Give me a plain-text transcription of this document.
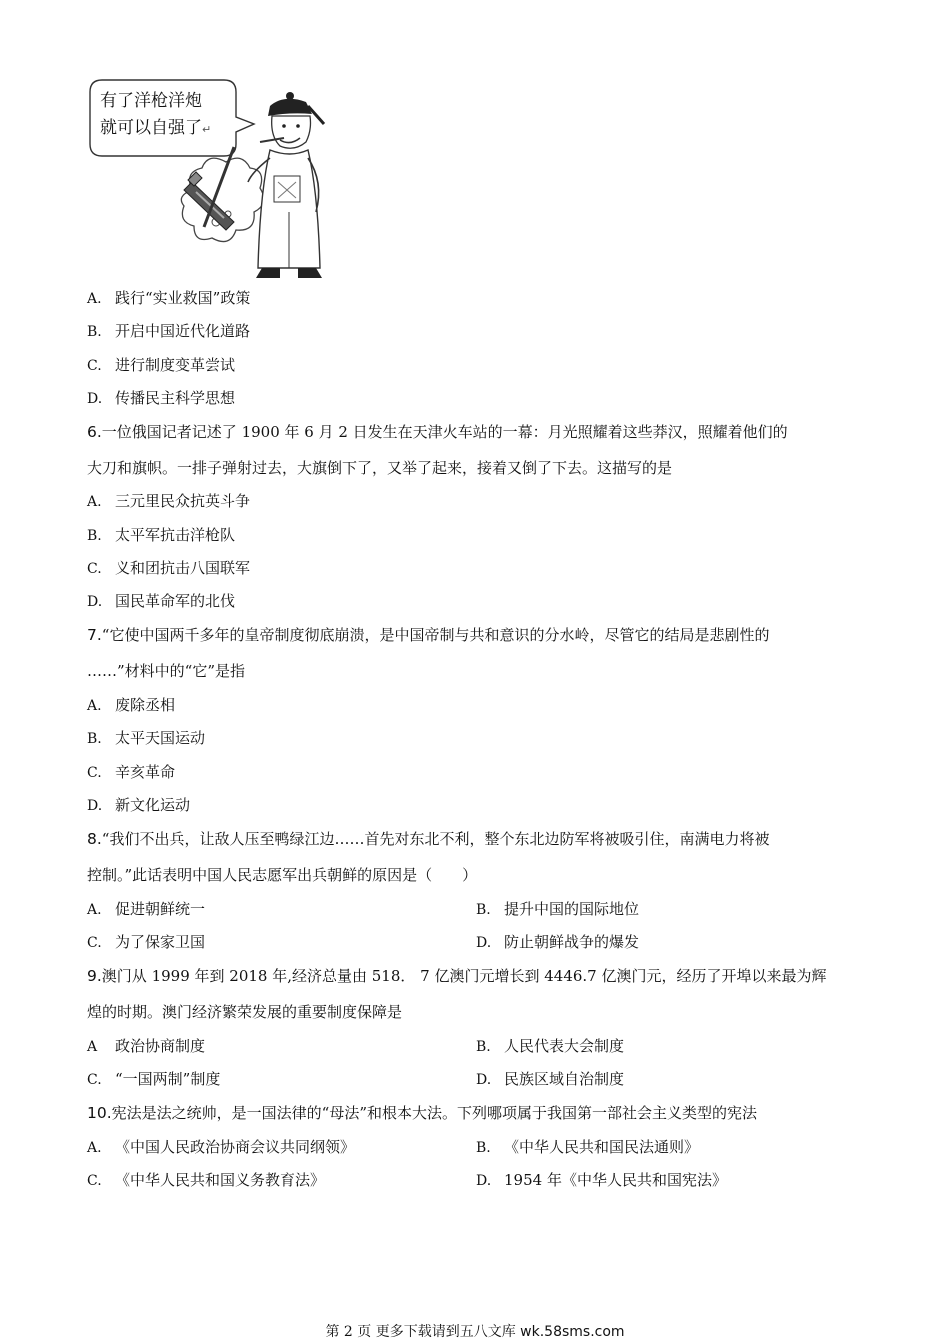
有了洋枪洋炮
就可以自强了↵
A. 践行“实业救国”政策
B. 开启中国近代化道路
C. 进行制度变革尝试
D. 传播民主科学思想
6.一位俄国记者记述了 1900 年 6 月 2 日发生在天津火车站的一幕：月光照耀着这些莽汉，照耀着他们的
大刀和旗帜。一排子弹射过去，大旗倒下了，又举了起来，接着又倒了下去。这描写的是
A. 三元里民众抗英斗争
B. 太平军抗击洋枪队
C. 义和团抗击八国联军
D. 国民革命军的北伐
7.“它使中国两千多年的皇帝制度彻底崩溃，是中国帝制与共和意识的分水岭，尽管它的结局是悲剧性的
……”材料中的“它”是指
A. 废除丞相
B. 太平天国运动
C. 辛亥革命
D. 新文化运动
8.“我们不出兵，让敌人压至鸭绿江边……首先对东北不利，整个东北边防军将被吸引住，南满电力将被
控制。”此话表明中国人民志愿军出兵朝鲜的原因是（　　）
A. 促进朝鲜统一	B. 提升中国的国际地位
C. 为了保家卫国	D. 防止朝鲜战争的爆发
9.澳门从 1999 年到 2018 年,经济总量由 518． 7 亿澳门元增长到 4446.7 亿澳门元，经历了开埠以来最为辉
煌的时期。澳门经济繁荣发展的重要制度保障是
A 政治协商制度	B. 人民代表大会制度
C. “一国两制”制度	D. 民族区域自治制度
10.宪法是法之统帅，是一国法律的“母法”和根本大法。下列哪项属于我国第一部社会主义类型的宪法
A. 《中国人民政治协商会议共同纲领》	B. 《中华人民共和国民法通则》
C. 《中华人民共和国义务教育法》	D. 1954 年《中华人民共和国宪法》
第 2 页 更多下载请到五八文库 wk.58sms.com
